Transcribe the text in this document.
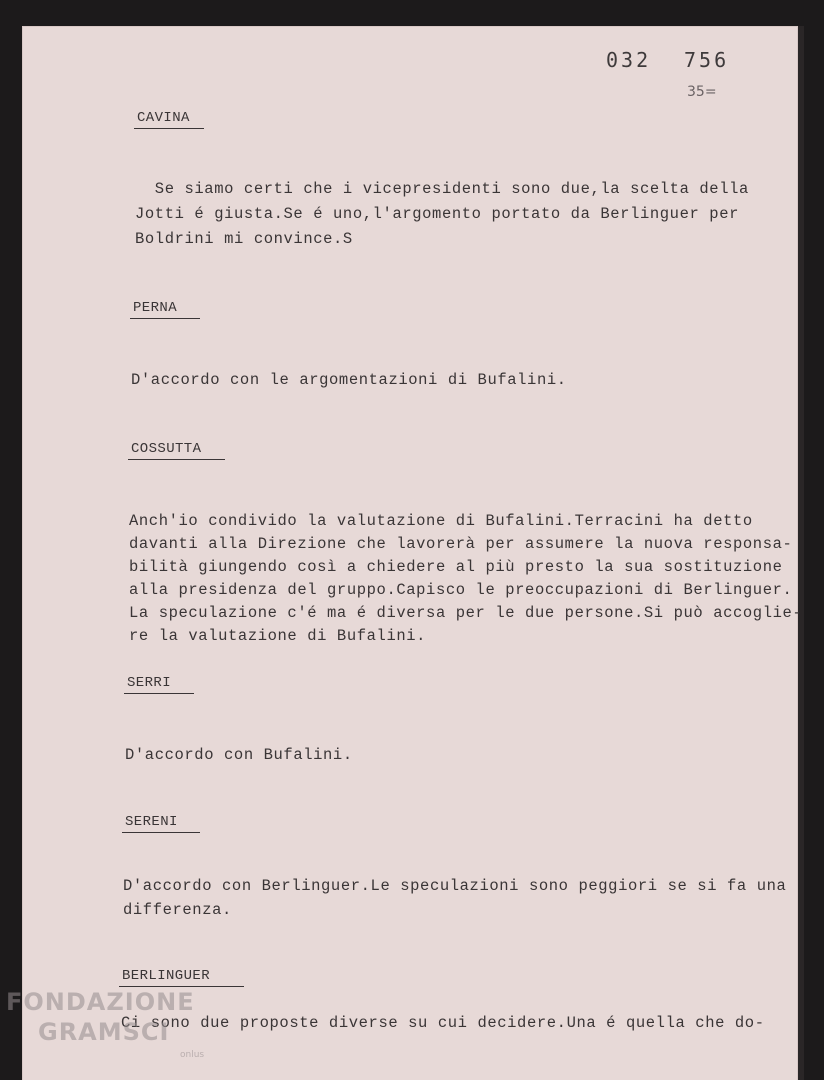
032 756
35=
CAVINA
Se siamo certi che i vicepresidenti sono due,la scelta della
Jotti é giusta.Se é uno,l'argomento portato da Berlinguer per
Boldrini mi convince.S
PERNA
D'accordo con le argomentazioni di Bufalini.
COSSUTTA
Anch'io condivido la valutazione di Bufalini.Terracini ha detto
davanti alla Direzione che lavorerà per assumere la nuova responsa-
bilità giungendo così a chiedere al più presto la sua sostituzione
alla presidenza del gruppo.Capisco le preoccupazioni di Berlinguer.
La speculazione c'é ma é diversa per le due persone.Si può accoglie-
re la valutazione di Bufalini.
SERRI
D'accordo con Bufalini.
SERENI
D'accordo con Berlinguer.Le speculazioni sono peggiori se si fa una
differenza.
BERLINGUER
Ci sono due proposte diverse su cui decidere.Una é quella che do-
FONDAZIONE
GRAMSCI
onlus
